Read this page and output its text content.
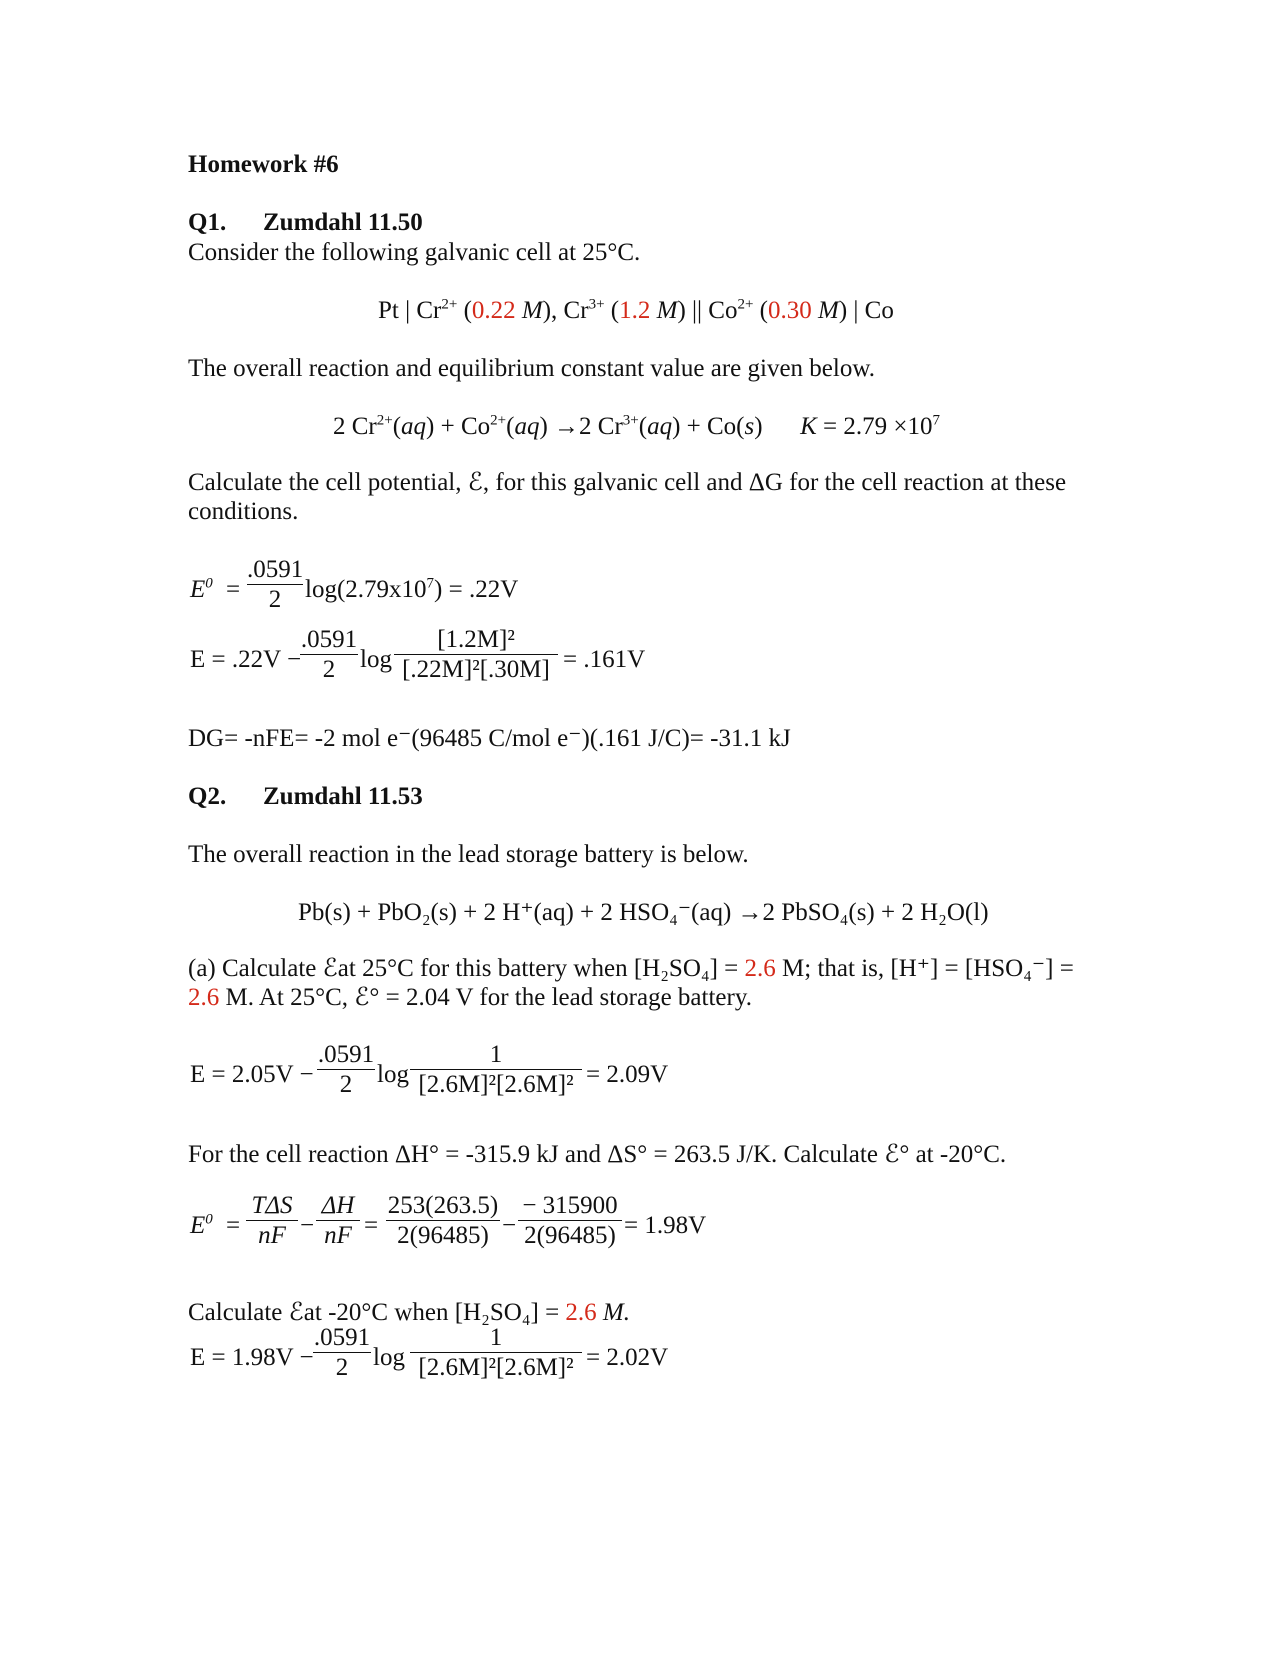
Homework #6
Q1. Zumdahl 11.50
Consider the following galvanic cell at 25°C.
Pt | $Cr^{2+}$ (0.22 M), $Cr^{3+}$ (1.2 M) || $Co^{2+}$ (0.30 M) | Co
The overall reaction and equilibrium constant value are given below.
2 $Cr^{2+}(aq) + Co^{2+}(aq) \to 2$ $Cr^{3+}(aq) + Co(s)$      $K = 2.79 \times 10^7$
Calculate the cell potential, ℰ, for this galvanic cell and ΔG for the cell reaction at these conditions.
$E^0$ =
.0591
2 $\log(2.79x10^7) = .22V$
E = .22V −
.0591
2 log
[1.2M]²
[.22M]²[.30M] = .161V
DG= -nFE= -2 mol e⁻(96485 C/mol e⁻)(.161 J/C)= -31.1 kJ
Q2. Zumdahl 11.53
The overall reaction in the lead storage battery is below.
Pb(s) + PbO₂(s) + 2 H⁺(aq) + 2 HSO₄⁻(aq) →2 PbSO₄(s) + 2 H₂O(l)
(a) Calculate ℰat 25°C for this battery when [H₂SO₄] = 2.6 M; that is, [H⁺] = [HSO₄⁻] =
2.6 M. At 25°C, ℰ° = 2.04 V for the lead storage battery.
E = 2.05V −
.0591
2 log
1
[2.6M]²[2.6M]² = 2.09V
For the cell reaction ΔH° = -315.9 kJ and ΔS° = 263.5 J/K. Calculate ℰ° at -20°C.
$E^0$ =
TΔS
nF −
ΔH
nF =
253(263.5)
2(96485) −
− 315900
2(96485) = 1.98V
Calculate ℰat -20°C when [H₂SO₄] = 2.6 M.
E = 1.98V −
.0591
2 log
1
[2.6M]²[2.6M]² = 2.02V
